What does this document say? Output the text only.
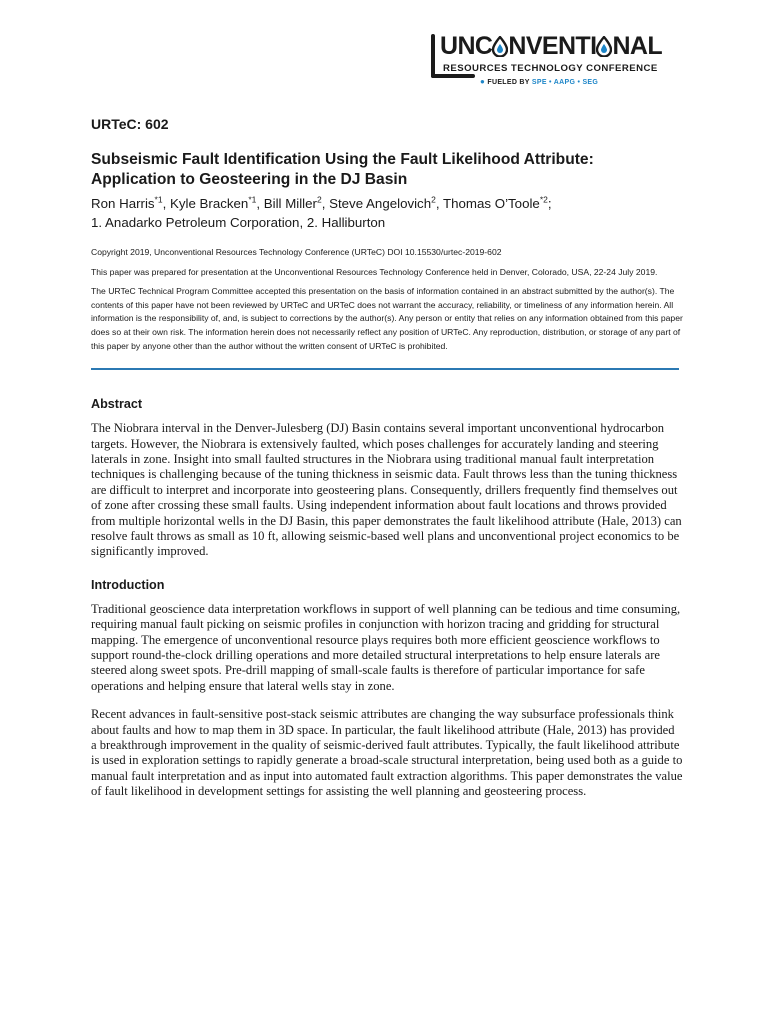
UNC NVENTI NAL
RESOURCES TECHNOLOGY CONFERENCE
● FUELED BY SPE • AAPG • SEG

URTeC: 602

Subseismic Fault Identification Using the Fault Likelihood Attribute:
Application to Geosteering in the DJ Basin

Ron Harris$^{*1}$, Kyle Bracken$^{*1}$, Bill Miller$^2$, Steve Angelovich$^2$, Thomas O’Toole$^{*2}$;

1. Anadarko Petroleum Corporation, 2. Halliburton

Copyright 2019, Unconventional Resources Technology Conference (URTeC) DOI 10.15530/urtec-2019-602

This paper was prepared for presentation at the Unconventional Resources Technology Conference held in Denver, Colorado, USA, 22-24 July 2019.

The URTeC Technical Program Committee accepted this presentation on the basis of information contained in an abstract submitted by the author(s). The contents of this paper have not been reviewed by URTeC and URTeC does not warrant the accuracy, reliability, or timeliness of any information herein. All information is the responsibility of, and, is subject to corrections by the author(s). Any person or entity that relies on any information obtained from this paper does so at their own risk. The information herein does not necessarily reflect any position of URTeC. Any reproduction, distribution, or storage of any part of this paper by anyone other than the author without the written consent of URTeC is prohibited.

Abstract

The Niobrara interval in the Denver-Julesberg (DJ) Basin contains several important unconventional hydrocarbon targets. However, the Niobrara is extensively faulted, which poses challenges for accurately landing and steering laterals in zone. Insight into small faulted structures in the Niobrara using traditional manual fault interpretation techniques is challenging because of the tuning thickness in seismic data. Fault throws less than the tuning thickness are difficult to interpret and incorporate into geosteering plans. Consequently, drillers frequently find themselves out of zone after crossing these small faults. Using independent information about fault locations and throws provided from multiple horizontal wells in the DJ Basin, this paper demonstrates the fault likelihood attribute (Hale, 2013) can resolve fault throws as small as 10 ft, allowing seismic-based well plans and unconventional project economics to be significantly improved.

Introduction

Traditional geoscience data interpretation workflows in support of well planning can be tedious and time consuming, requiring manual fault picking on seismic profiles in conjunction with horizon tracing and gridding for structural mapping. The emergence of unconventional resource plays requires both more efficient geoscience workflows to support round-the-clock drilling operations and more detailed structural interpretations to help ensure laterals are steered along sweet spots. Pre-drill mapping of small-scale faults is therefore of particular importance for safe operations and helping ensure that lateral wells stay in zone.

Recent advances in fault-sensitive post-stack seismic attributes are changing the way subsurface professionals think about faults and how to map them in 3D space. In particular, the fault likelihood attribute (Hale, 2013) has provided a breakthrough improvement in the quality of seismic-derived fault attributes. Typically, the fault likelihood attribute is used in exploration settings to rapidly generate a broad-scale structural interpretation, being used both as a guide to manual fault interpretation and as input into automated fault extraction algorithms. This paper demonstrates the value of fault likelihood in development settings for assisting the well planning and geosteering process.
